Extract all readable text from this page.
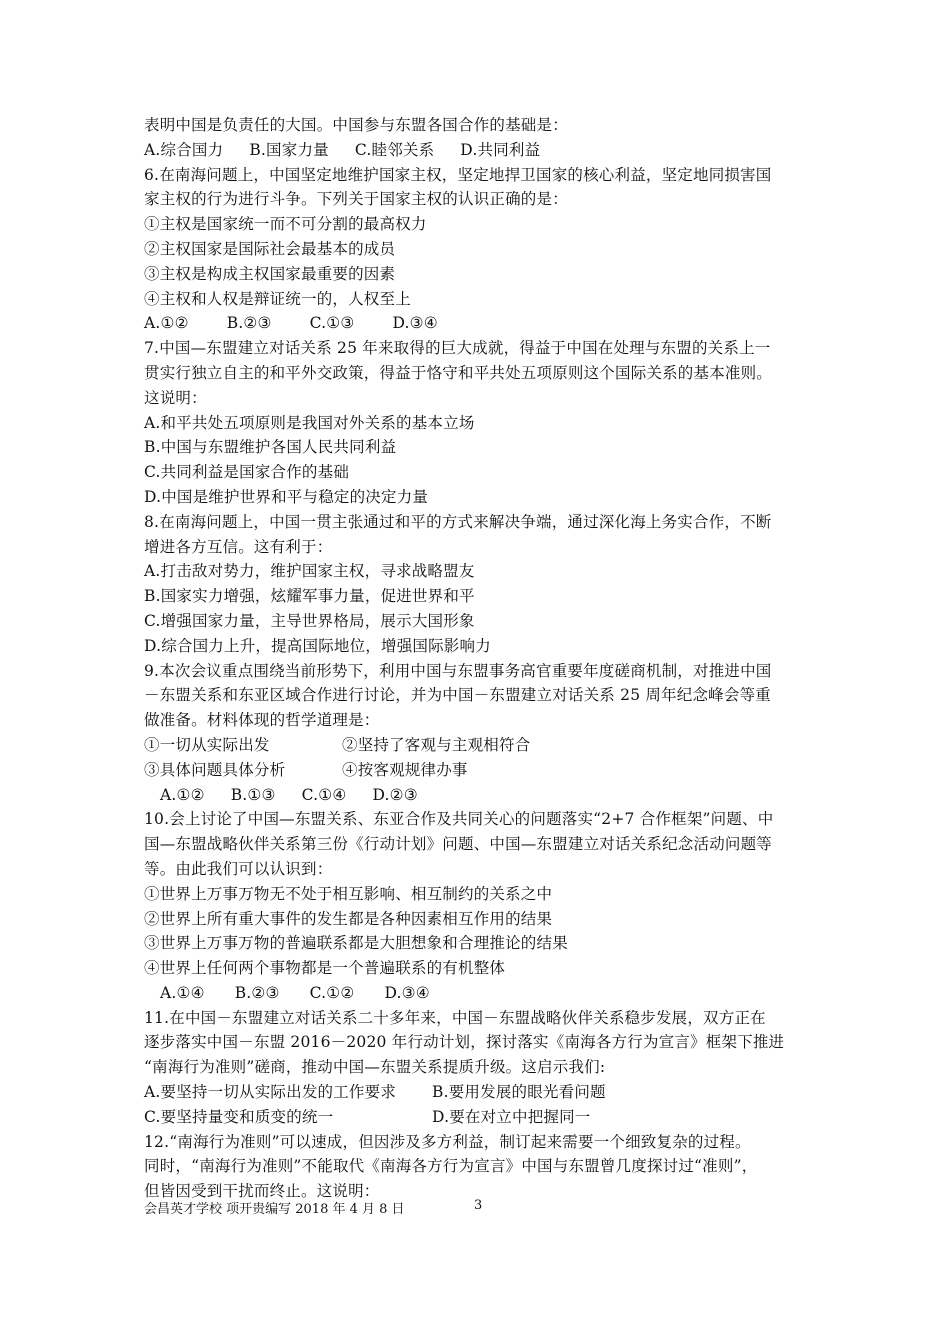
表明中国是负责任的大国。中国参与东盟各国合作的基础是：
A.综合国力 B.国家力量 C.睦邻关系 D.共同利益
6.在南海问题上，中国坚定地维护国家主权，坚定地捍卫国家的核心利益，坚定地同损害国
家主权的行为进行斗争。下列关于国家主权的认识正确的是：
①主权是国家统一而不可分割的最高权力
②主权国家是国际社会最基本的成员
③主权是构成主权国家最重要的因素
④主权和人权是辩证统一的，人权至上
A.①② B.②③ C.①③ D.③④
7.中国—东盟建立对话关系 25 年来取得的巨大成就，得益于中国在处理与东盟的关系上一
贯实行独立自主的和平外交政策，得益于恪守和平共处五项原则这个国际关系的基本准则。
这说明：
A.和平共处五项原则是我国对外关系的基本立场
B.中国与东盟维护各国人民共同利益
C.共同利益是国家合作的基础
D.中国是维护世界和平与稳定的决定力量
8.在南海问题上，中国一贯主张通过和平的方式来解决争端，通过深化海上务实合作，不断
增进各方互信。这有利于：
A.打击敌对势力，维护国家主权，寻求战略盟友
B.国家实力增强，炫耀军事力量，促进世界和平
C.增强国家力量，主导世界格局，展示大国形象
D.综合国力上升，提高国际地位，增强国际影响力
9.本次会议重点围绕当前形势下，利用中国与东盟事务高官重要年度磋商机制，对推进中国
－东盟关系和东亚区域合作进行讨论，并为中国－东盟建立对话关系 25 周年纪念峰会等重
做准备。材料体现的哲学道理是：
①一切从实际出发	②坚持了客观与主观相符合
③具体问题具体分析	④按客观规律办事
A.①② B.①③ C.①④ D.②③
10.会上讨论了中国—东盟关系、东亚合作及共同关心的问题落实“2+7 合作框架”问题、中
国—东盟战略伙伴关系第三份《行动计划》问题、中国—东盟建立对话关系纪念活动问题等
等。由此我们可以认识到：
①世界上万事万物无不处于相互影响、相互制约的关系之中
②世界上所有重大事件的发生都是各种因素相互作用的结果
③世界上万事万物的普遍联系都是大胆想象和合理推论的结果
④世界上任何两个事物都是一个普遍联系的有机整体
A.①④ B.②③ C.①② D.③④
11.在中国－东盟建立对话关系二十多年来，中国－东盟战略伙伴关系稳步发展，双方正在
逐步落实中国－东盟 2016－2020 年行动计划，探讨落实《南海各方行为宣言》框架下推进
“南海行为准则”磋商，推动中国—东盟关系提质升级。这启示我们:
A.要坚持一切从实际出发的工作要求 B.要用发展的眼光看问题
C.要坚持量变和质变的统一	D.要在对立中把握同一
12.“南海行为准则”可以速成，但因涉及多方利益，制订起来需要一个细致复杂的过程。
同时，“南海行为准则”不能取代《南海各方行为宣言》中国与东盟曾几度探讨过“准则”，
但皆因受到干扰而终止。这说明：
会昌英才学校 项开贵编写 2018 年 4 月 8 日	3
